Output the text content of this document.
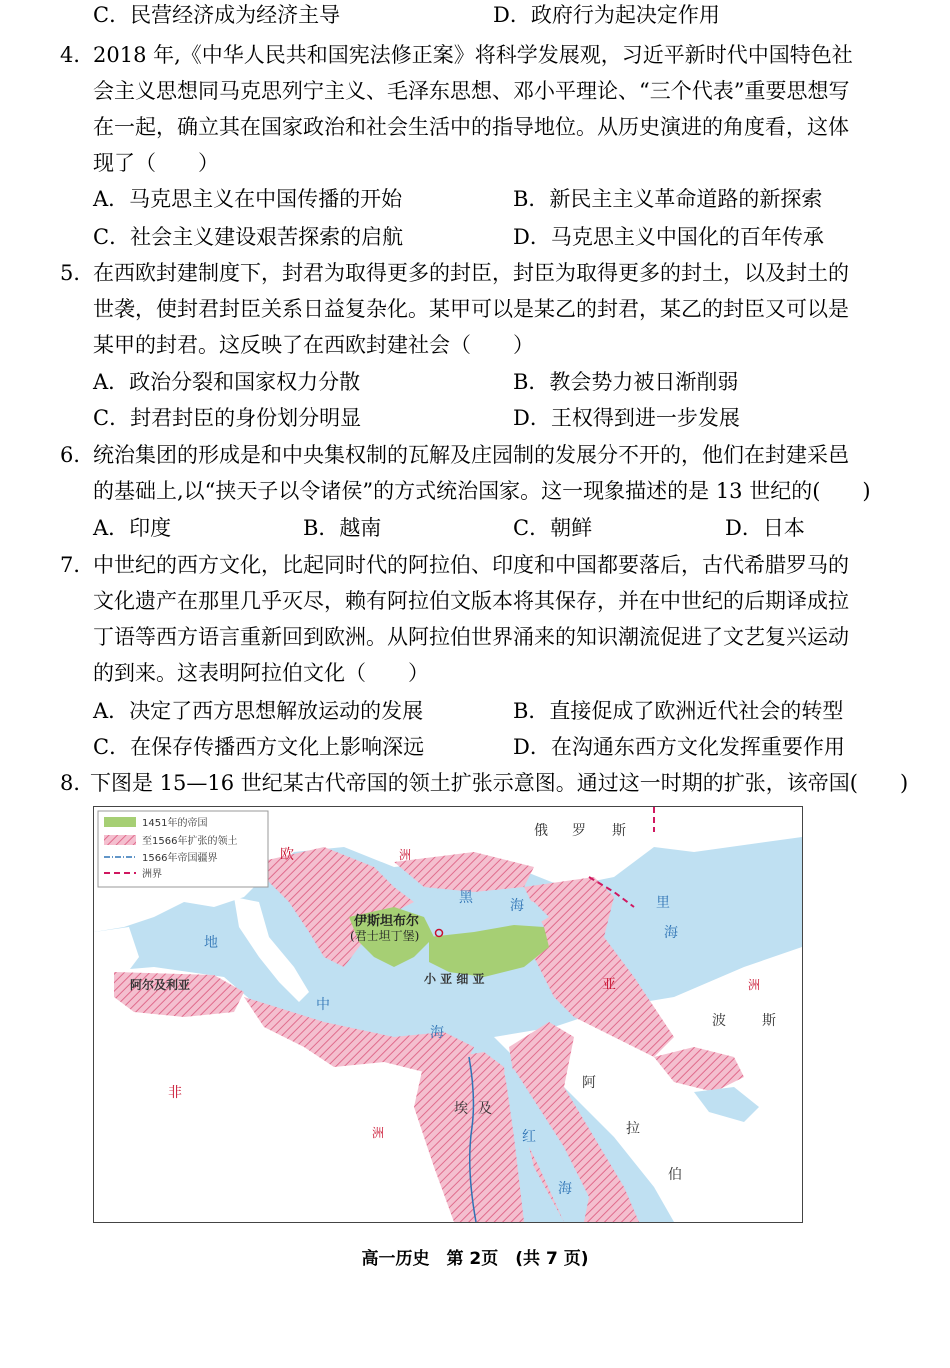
C．民营经济成为经济主导	D．政府行为起决定作用
4．
2018 年,《中华人民共和国宪法修正案》将科学发展观，习近平新时代中国特色社
会主义思想同马克思列宁主义、毛泽东思想、邓小平理论、“三个代表”重要思想写
在一起，确立其在国家政治和社会生活中的指导地位。从历史演进的角度看，这体
现了（　　）
A．马克思主义在中国传播的开始	B．新民主主义革命道路的新探索
C．社会主义建设艰苦探索的启航	D．马克思主义中国化的百年传承
5．
在西欧封建制度下，封君为取得更多的封臣，封臣为取得更多的封土，以及封土的
世袭，使封君封臣关系日益复杂化。某甲可以是某乙的封君，某乙的封臣又可以是
某甲的封君。这反映了在西欧封建社会（　　）
A．政治分裂和国家权力分散	B．教会势力被日渐削弱
C．封君封臣的身份划分明显	D．王权得到进一步发展
6．
统治集团的形成是和中央集权制的瓦解及庄园制的发展分不开的，他们在封建采邑
的基础上,以“挟天子以令诸侯”的方式统治国家。这一现象描述的是 13 世纪的(　　)
A．印度	B．越南	C．朝鲜	D．日本
7．
中世纪的西方文化，比起同时代的阿拉伯、印度和中国都要落后，古代希腊罗马的
文化遗产在那里几乎灭尽，赖有阿拉伯文版本将其保存，并在中世纪的后期译成拉
丁语等西方语言重新回到欧洲。从阿拉伯世界涌来的知识潮流促进了文艺复兴运动
的到来。这表明阿拉伯文化（　　）
A．决定了西方思想解放运动的发展	B．直接促成了欧洲近代社会的转型
C．在保存传播西方文化上影响深远	D．在沟通东西方文化发挥重要作用
8．
下图是 15—16 世纪某古代帝国的领土扩张示意图。通过这一时期的扩张，该帝国(　　)
1451年的帝国
至1566年扩张的领土
1566年帝国疆界
洲界
俄 罗 斯
欧	洲
伊斯坦布尔
(君士坦丁堡)
黑	海	里
海
地
中
海
阿尔及利亚	小 亚 细 亚	亚	洲
波	斯
非
洲
埃 及
红
海
阿
拉
伯
高一历史　第 2页　(共 7 页)
